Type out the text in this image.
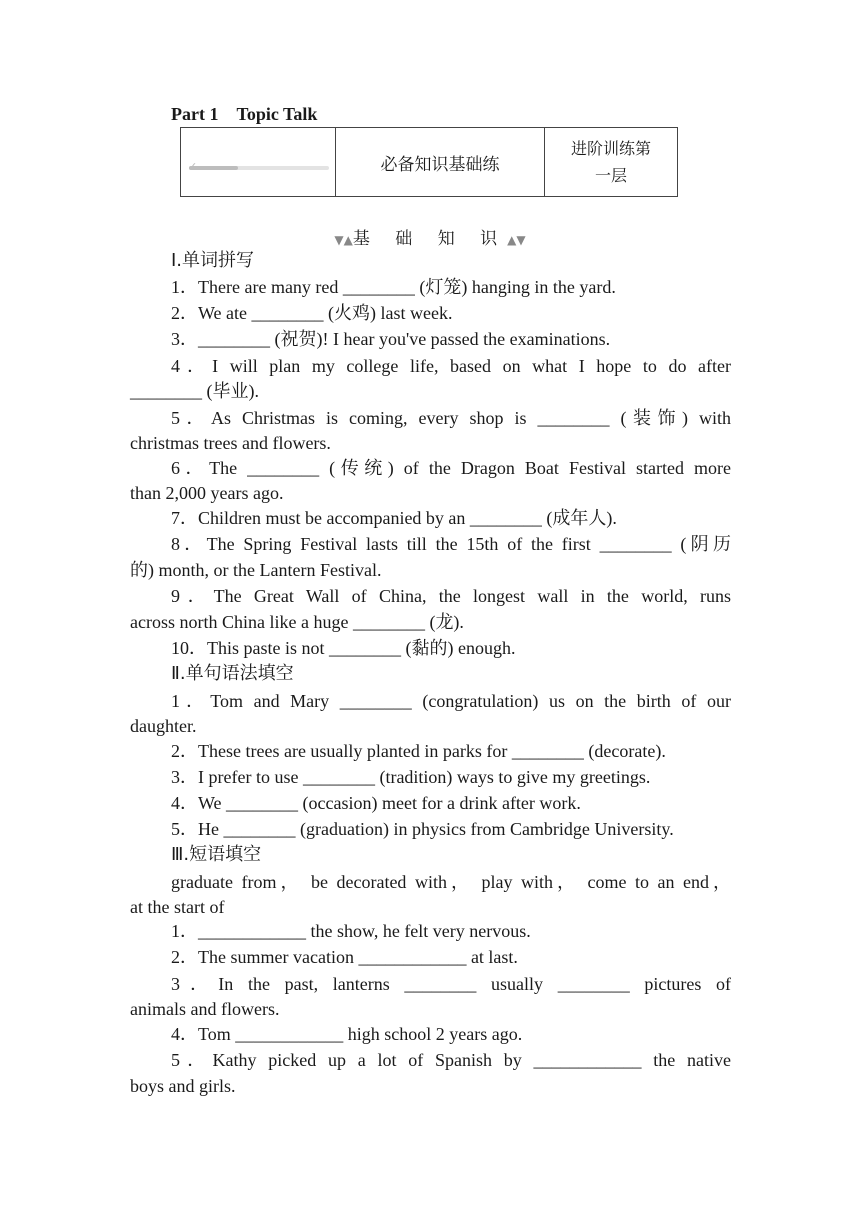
Part 1 Topic Talk
必备知识基础练
进阶训练第
一层
▼▲基 础 知 识▲▼
Ⅰ.单词拼写
1．There are many red ________ (灯笼) hanging in the yard.
2．We ate ________ (火鸡) last week.
3．________ (祝贺)! I hear you've passed the examinations.
4．I will plan my college life, based on what I hope to do after
________ (毕业).
5．As Christmas is coming, every shop is ________ (装饰) with
christmas trees and flowers.
6．The ________ (传统) of the Dragon Boat Festival started more
than 2,000 years ago.
7．Children must be accompanied by an ________ (成年人).
8．The Spring Festival lasts till the 15th of the first ________ (阴历
的) month, or the Lantern Festival.
9．The Great Wall of China, the longest wall in the world, runs
across north China like a huge ________ (龙).
10．This paste is not ________ (黏的) enough.
Ⅱ.单句语法填空
1．Tom and Mary ________ (congratulation) us on the birth of our
daughter.
2．These trees are usually planted in parks for ________ (decorate).
3．I prefer to use ________ (tradition) ways to give my greetings.
4．We ________ (occasion) meet for a drink after work.
5．He ________ (graduation) in physics from Cambridge University.
Ⅲ.短语填空
graduate from， be decorated with， play with， come to an end，
at the start of
1．____________ the show, he felt very nervous.
2．The summer vacation ____________ at last.
3．In the past, lanterns ________ usually ________ pictures of
animals and flowers.
4．Tom ____________ high school 2 years ago.
5．Kathy picked up a lot of Spanish by ____________ the native
boys and girls.
